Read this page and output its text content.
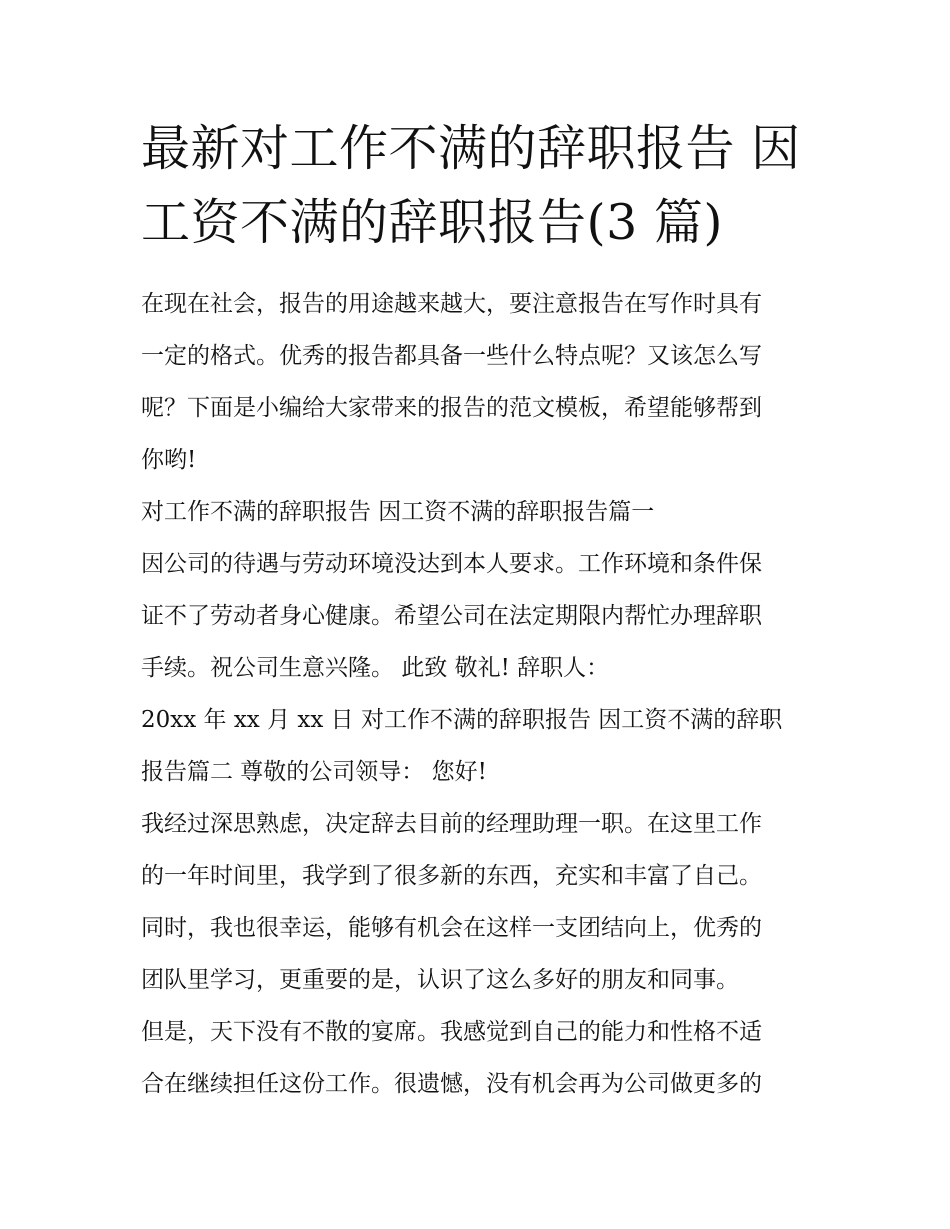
最新对工作不满的辞职报告 因
工资不满的辞职报告(3 篇)

在现在社会，报告的用途越来越大，要注意报告在写作时具有
一定的格式。优秀的报告都具备一些什么特点呢？又该怎么写
呢？下面是小编给大家带来的报告的范文模板，希望能够帮到
你哟!

对工作不满的辞职报告 因工资不满的辞职报告篇一

因公司的待遇与劳动环境没达到本人要求。工作环境和条件保
证不了劳动者身心健康。希望公司在法定期限内帮忙办理辞职
手续。祝公司生意兴隆。 此致 敬礼! 辞职人：

20xx 年 xx 月 xx 日 对工作不满的辞职报告 因工资不满的辞职
报告篇二 尊敬的公司领导： 您好!

我经过深思熟虑，决定辞去目前的经理助理一职。在这里工作
的一年时间里，我学到了很多新的东西，充实和丰富了自己。
同时，我也很幸运，能够有机会在这样一支团结向上，优秀的
团队里学习，更重要的是，认识了这么多好的朋友和同事。

但是，天下没有不散的宴席。我感觉到自己的能力和性格不适
合在继续担任这份工作。很遗憾，没有机会再为公司做更多的
